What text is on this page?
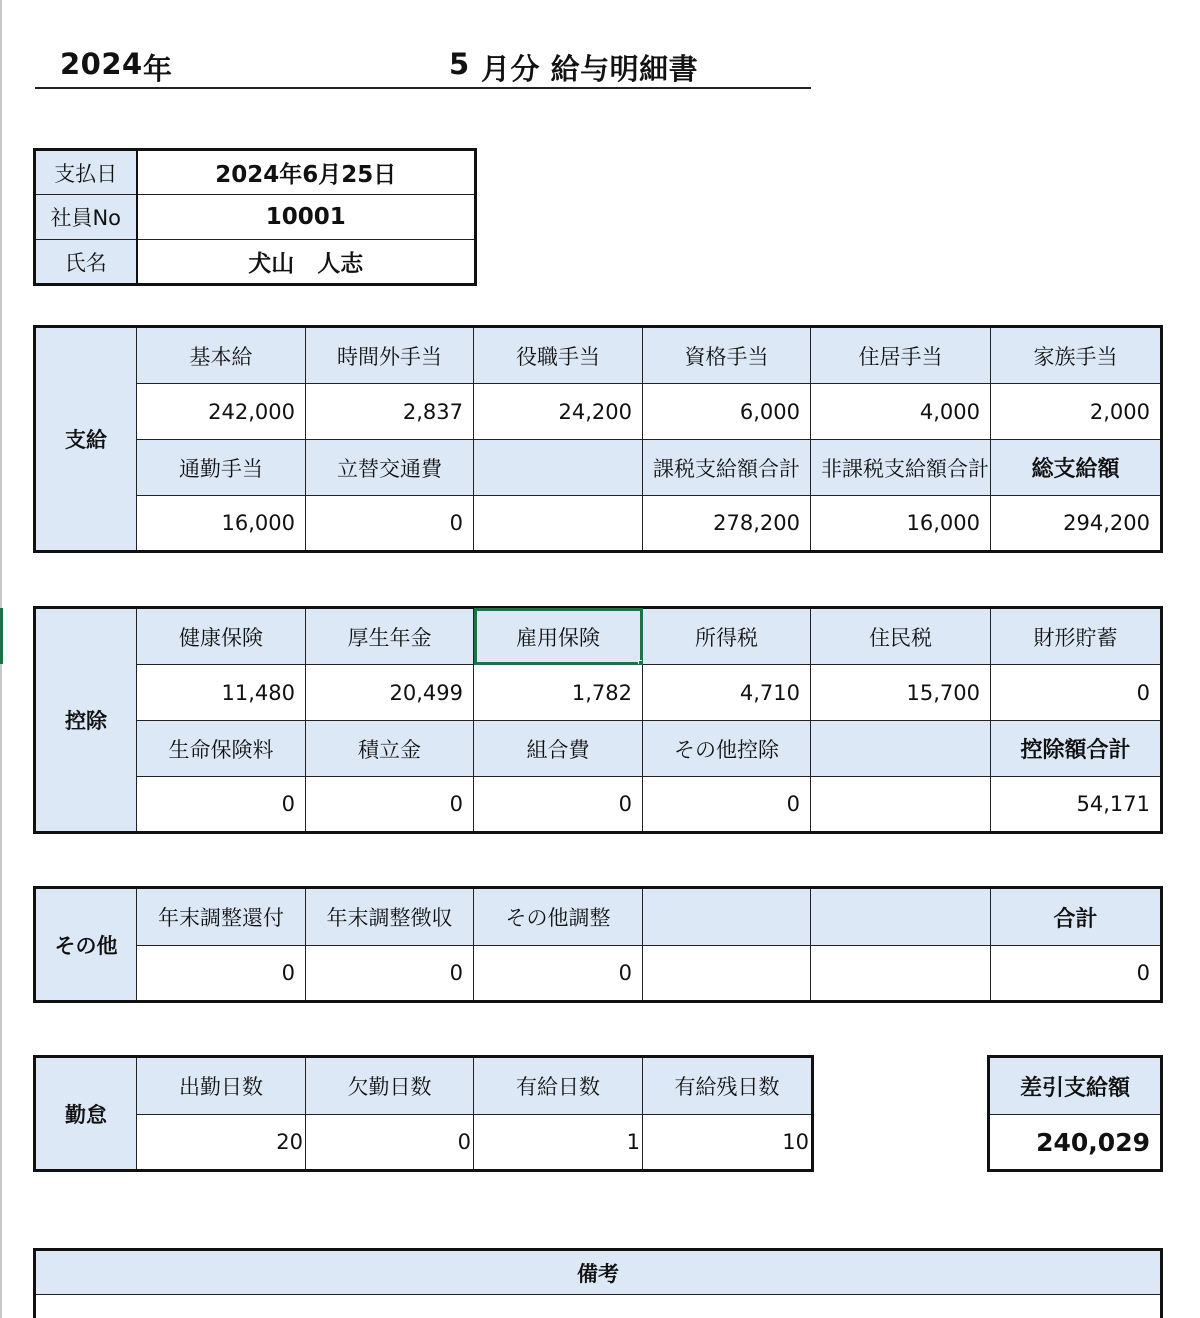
2024 年	5 月分 給与明細書
支払日	2024年6月25日
社員No	10001
氏名	犬山　人志
支給	基本給	時間外手当	役職手当	資格手当	住居手当	家族手当
	242,000	2,837	24,200	6,000	4,000	2,000
	通勤手当	立替交通費		課税支給額合計	非課税支給額合計	総支給額
	16,000	0		278,200	16,000	294,200
控除	健康保険	厚生年金	雇用保険	所得税	住民税	財形貯蓄
	11,480	20,499	1,782	4,710	15,700	0
	生命保険料	積立金	組合費	その他控除		控除額合計
	0	0	0	0		54,171
その他	年末調整還付	年末調整徴収	その他調整			合計
	0	0	0			0
勤怠	出勤日数	欠勤日数	有給日数	有給残日数
	20	0	1	10
差引支給額
240,029
備考
